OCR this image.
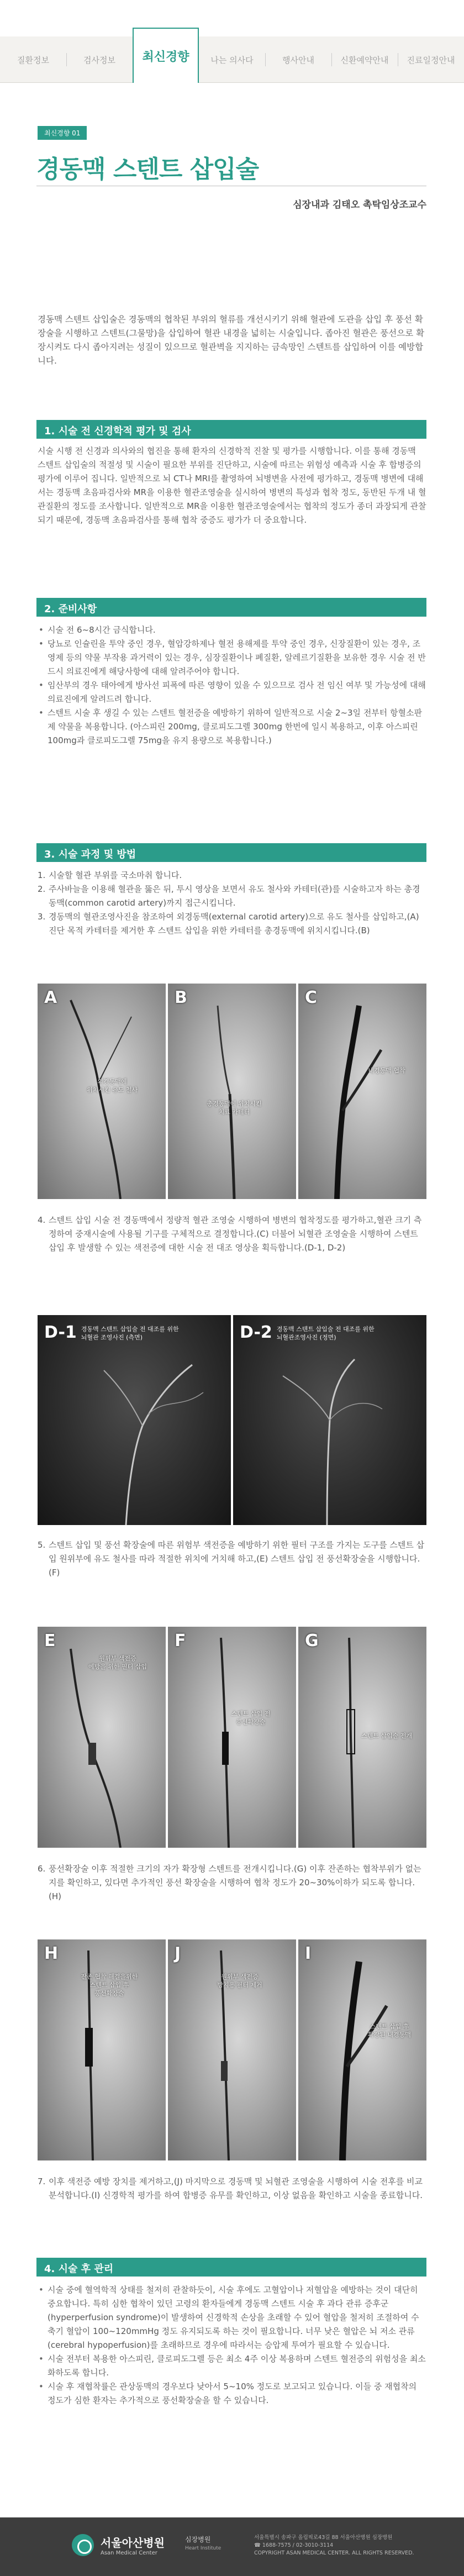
질환정보	검사정보	최신경향	나는 의사다	행사안내	신환예약안내	진료일정안내
최신경향 01
경동맥 스텐트 삽입술
심장내과 김태오 촉탁임상조교수

경동맥 스텐트 삽입술은 경동맥의 협착된 부위의 혈류를 개선시키기 위해 혈관에 도관을 삽입 후 풍선 확장술을 시행하고 스텐트(그물망)을 삽입하여 혈관 내경을 넓히는 시술입니다. 좁아진 혈관은 풍선으로 확장시켜도 다시 좁아지려는 성질이 있으므로 혈관벽을 지지하는 금속망인 스텐트를 삽입하여 이를 예방합니다.

1. 시술 전 신경학적 평가 및 검사

시술 시행 전 신경과 의사와의 협진을 통해 환자의 신경학적 진찰 및 평가를 시행합니다. 이를 통해 경동맥 스텐트 삽입술의 적절성 및 시술이 필요한 부위를 진단하고, 시술에 따르는 위험성 예측과 시술 후 합병증의 평가에 이루어 집니다. 일반적으로 뇌 CT나 MRI를 촬영하여 뇌병변을 사전에 평가하고, 경동맥 병변에 대해서는 경동맥 초음파검사와 MR을 이용한 혈관조영술을 실시하여 병변의 특성과 협착 정도, 동반된 두개 내 혈관질환의 정도를 조사합니다. 일반적으로 MR을 이용한 혈관조영술에서는 협착의 정도가 종더 과장되게 관찰되기 때문에, 경동맥 초음파검사를 통해 협착 중증도 평가가 더 중요합니다.

2. 준비사항
• 시술 전 6~8시간 금식합니다.
• 당뇨로 인슐린을 투약 중인 경우, 혈압강하제나 혈전 용해제를 투약 중인 경우, 신장질환이 있는 경우, 조영제 등의 약물 부작용 과거력이 있는 경우, 심장질환이나 폐질환, 알레르기질환을 보유한 경우 시술 전 반드시 의료진에게 해당사항에 대해 알려주어야 합니다.
• 임산부의 경우 태아에게 방사선 피폭에 따른 영향이 있을 수 있으므로 검사 전 임신 여부 및 가능성에 대해 의료진에게 알려드려 합니다.
• 스텐트 시술 후 생길 수 있는 스텐트 혈전증을 예방하기 위하여 일반적으로 시술 2~3일 전부터 항혈소판제 약물을 복용합니다. (아스피린 200mg, 클로피도그렐 300mg 한번에 일시 복용하고, 이후 아스피린 100mg과 클로피도그렐 75mg을 유지 용량으로 복용합니다.)
3. 시술 과정 및 방법
1. 시술할 혈관 부위를 국소마취 합니다.
2. 주사바늘을 이용해 혈관을 뚫은 뒤, 투시 영상을 보면서 유도 철사와 카테터(관)를 시술하고자 하는 총경동맥(common carotid artery)까지 접근시킵니다.
3. 경동맥의 혈관조영사진을 참조하여 외경동맥(external carotid artery)으로 유도 철사를 삽입하고,(A) 진단 목적 카테터를 제거한 후 스텐트 삽입을 위한 카테터를 총경동맥에 위치시킵니다.(B)
A
외경동맥에
위치시킨 유도 철사
B
총경동맥에 위치시킨
치료 카테터
C
내경동맥 협착
4. 스텐트 삽입 시술 전 경동맥에서 정량적 혈관 조영술 시행하여 병변의 협착정도를 평가하고,혈관 크기 측정하여 중재시술에 사용될 기구를 구체적으로 결정합니다.(C) 더불어 뇌혈관 조영술을 시행하여 스텐트 삽입 후 발생할 수 있는 색전증에 대한 시술 전 대조 영상을 획득합니다.(D-1, D-2)
D-1 경동맥 스텐트 삽입술 전 대조를 위한
뇌혈관 조영사진 (측면)	D-2 경동맥 스텐트 삽입술 전 대조를 위한
뇌혈관조영사진 (정면)
5. 스텐트 삽입 및 풍선 확장술에 따른 위험부 색전증을 예방하기 위한 필터 구조를 가지는 도구를 스텐트 삽입 원위부에 유도 철사를 따라 적절한 위치에 거치해 하고,(E) 스텐트 삽입 전 풍선확장술을 시행합니다.(F)
E
원위부 색전증
예방을 위한 필터 삽입
F
스텐트 삽입 전
풍선확장술
G
스텐트 삽입술 전개
6. 풍선확장술 이후 적절한 크기의 자가 확장형 스텐트를 전개시킵니다.(G) 이후 잔존하는 협착부위가 없는지를 확인하고, 있다면 추가적인 풍선 확장술을 시행하여 협착 정도가 20~30%이하가 되도록 합니다.(H)
H
잔존 협착 해결을위한
스텐트 삽입 후
풍선확장술
J
원위부 색전증
방지용 필터 제거
I
스텐트 삽입 후
확장된 내경동맥
7. 이후 색전증 예방 장치를 제거하고,(J) 마지막으로 경동맥 및 뇌혈관 조영술을 시행하여 시술 전후를 비교 분석합니다.(I) 신경학적 평가를 하여 합병증 유무를 확인하고, 이상 없음을 확인하고 시술을 종료합니다.
4. 시술 후 관리
• 시술 중에 혈역학적 상태를 철저히 관찰하듯이, 시술 후에도 고혈압이나 저혈압을 예방하는 것이 대단히 중요합니다. 특히 심한 협착이 있던 고령의 환자들에게 경동맥 스텐트 시술 후 과다 관류 증후군(hyperperfusion syndrome)이 발생하여 신경학적 손상을 초래할 수 있어 혈압을 철저히 조절하여 수축기 혈압이 100~120mmHg 정도 유지되도록 하는 것이 필요합니다. 너무 낮은 혈압은 뇌 저소 관류(cerebral hypoperfusion)를 초래하므로 경우에 따라서는 승압제 투여가 필요할 수 있습니다.
• 시술 전부터 복용한 아스피린, 클로피도그렐 등은 최소 4주 이상 복용하며 스텐트 혈전증의 위험성을 최소화하도록 합니다.
• 시술 후 재협착률은 관상동맥의 경우보다 낮아서 5~10% 정도로 보고되고 있습니다. 이들 중 재협착의 정도가 심한 환자는 추가적으로 풍선확장술을 할 수 있습니다.
서울아산병원
Asan Medical Center
심장병원
Heart Institute
서울특별시 송파구 올림픽로43길 88 서울아산병원 심장병원
☎ 1688-7575 / 02-3010-3114
COPYRIGHT ASAN MEDICAL CENTER. ALL RIGHTS RESERVED.
